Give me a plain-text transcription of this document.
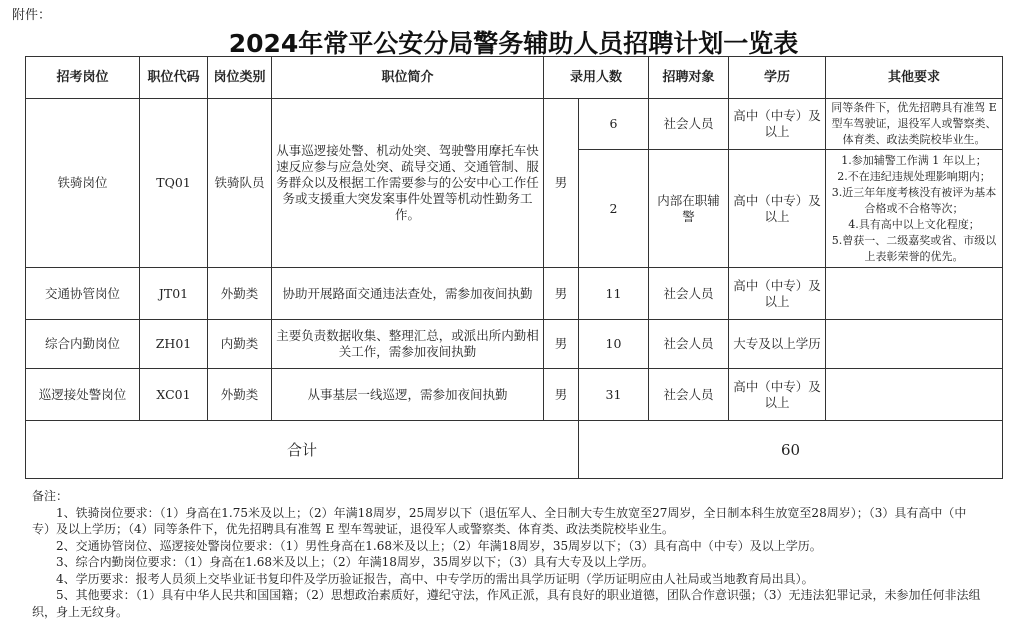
附件：
2024年常平公安分局警务辅助人员招聘计划一览表
招考岗位	职位代码	岗位类别	职位简介	录用人数		招聘对象	学历	其他要求
铁骑岗位	TQ01	铁骑队员	从事巡逻接处警、机动处突、驾驶警用摩托车快速反应参与应急处突、疏导交通、交通管制、服务群众以及根据工作需要参与的公安中心工作任务或支援重大突发案事件处置等机动性勤务工作。	男	6	社会人员	高中（中专）及以上	同等条件下，优先招聘具有准驾 E 型车驾驶证，退役军人或警察类、体育类、政法类院校毕业生。
					2	内部在职辅警	高中（中专）及以上	1.参加辅警工作满 1 年以上；
2.不在违纪违规处理影响期内；
3.近三年年度考核没有被评为基本合格或不合格等次；
4.具有高中以上文化程度；
5.曾获一、二级嘉奖或省、市级以上表彰荣誉的优先。

交通协管岗位	JT01	外勤类	协助开展路面交通违法查处，需参加夜间执勤	男	11	社会人员	高中（中专）及以上	
综合内勤岗位	ZH01	内勤类	主要负责数据收集、整理汇总，或派出所内勤相关工作，需参加夜间执勤	男	10	社会人员	大专及以上学历	
巡逻接处警岗位	XC01	外勤类	从事基层一线巡逻，需参加夜间执勤	男	31	社会人员	高中（中专）及以上	
合计					60			

备注：

1、铁骑岗位要求：（1）身高在1.75米及以上；（2）年满18周岁，25周岁以下（退伍军人、全日制大专生放宽至27周岁，全日制本科生放宽至28周岁）；（3）具有高中（中专）及以上学历；（4）同等条件下，优先招聘具有准驾 E 型车驾驶证，退役军人或警察类、体育类、政法类院校毕业生。

2、交通协管岗位、巡逻接处警岗位要求：（1）男性身高在1.68米及以上；（2）年满18周岁，35周岁以下；（3）具有高中（中专）及以上学历。

3、综合内勤岗位要求：（1）身高在1.68米及以上；（2）年满18周岁，35周岁以下；（3）具有大专及以上学历。

4、学历要求：报考人员须上交毕业证书复印件及学历验证报告，高中、中专学历的需出具学历证明（学历证明应由人社局或当地教育局出具）。

5、其他要求：（1）具有中华人民共和国国籍；（2）思想政治素质好，遵纪守法，作风正派，具有良好的职业道德，团队合作意识强；（3）无违法犯罪记录，未参加任何非法组织，身上无纹身。
